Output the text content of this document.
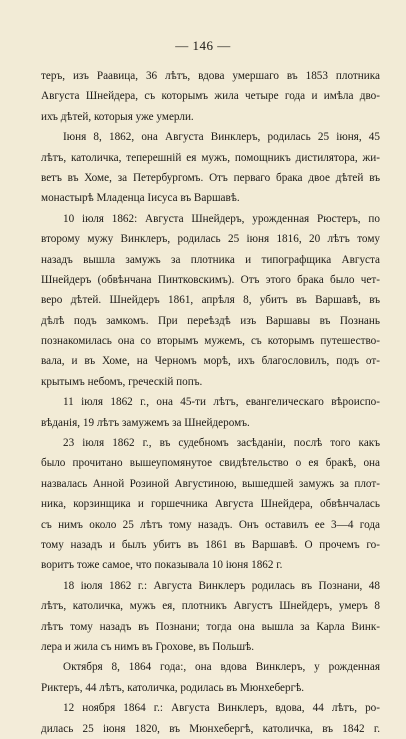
— 146 —
теръ, изъ Раавица, 36 лѣтъ, вдова умершаго въ 1853 плотника
Августа Шнейдера, съ которымъ жила четыре года и имѣла дво-
ихъ дѣтей, которыя уже умерли.
Іюня 8, 1862, она Августа Винклеръ, родилась 25 іюня, 45
лѣтъ, католичка, теперешній ея мужъ, помощникъ дистилятора, жи-
ветъ въ Хоме, за Петербургомъ. Отъ перваго брака двое дѣтей въ
монастырѣ Младенца Іисуса въ Варшавѣ.
10 іюля 1862: Августа Шнейдеръ, урожденная Рюстеръ, по
второму мужу Винклеръ, родилась 25 іюня 1816, 20 лѣтъ тому
назадъ вышла замужъ за плотника и типографщика Августа
Шнейдеръ (обвѣнчана Пинтковскимъ). Отъ этого брака было чет-
веро дѣтей. Шнейдеръ 1861, апрѣля 8, убитъ въ Варшавѣ, въ
дѣлѣ подъ замкомъ. При переѣздѣ изъ Варшавы въ Познань
познакомилась она со вторымъ мужемъ, съ которымъ путешество-
вала, и въ Хоме, на Черномъ морѣ, ихъ благословилъ, подъ от-
крытымъ небомъ, греческій попъ.
11 іюля 1862 г., она 45-ти лѣтъ, евангелическаго вѣроиспо-
вѣданія, 19 лѣтъ замужемъ за Шнейдеромъ.
23 іюля 1862 г., въ судебномъ засѣданіи, послѣ того какъ
было прочитано вышеупомянутое свидѣтельство о ея бракѣ, она
назвалась Анной Розиной Августиною, вышедшей замужъ за плот-
ника, корзинщика и горшечника Августа Шнейдера, обвѣнчалась
съ нимъ около 25 лѣтъ тому назадъ. Онъ оставилъ ее 3—4 года
тому назадъ и былъ убитъ въ 1861 въ Варшавѣ. О прочемъ го-
воритъ тоже самое, что показывала 10 іюня 1862 г.
18 іюля 1862 г.: Августа Винклеръ родилась въ Познани, 48
лѣтъ, католичка, мужъ ея, плотникъ Августъ Шнейдеръ, умеръ 8
лѣтъ тому назадъ въ Познани; тогда она вышла за Карла Винк-
лера и жила съ нимъ въ Грохове, въ Польшѣ.
Октября 8, 1864 года:, она вдова Винклеръ, у рожденная
Риктеръ, 44 лѣтъ, католичка, родилась въ Мюнхебергѣ.
12 ноября 1864 г.: Августа Винклеръ, вдова, 44 лѣтъ, ро-
дилась 25 іюня 1820, въ Мюнхебергѣ, католичка, въ 1842 г.
